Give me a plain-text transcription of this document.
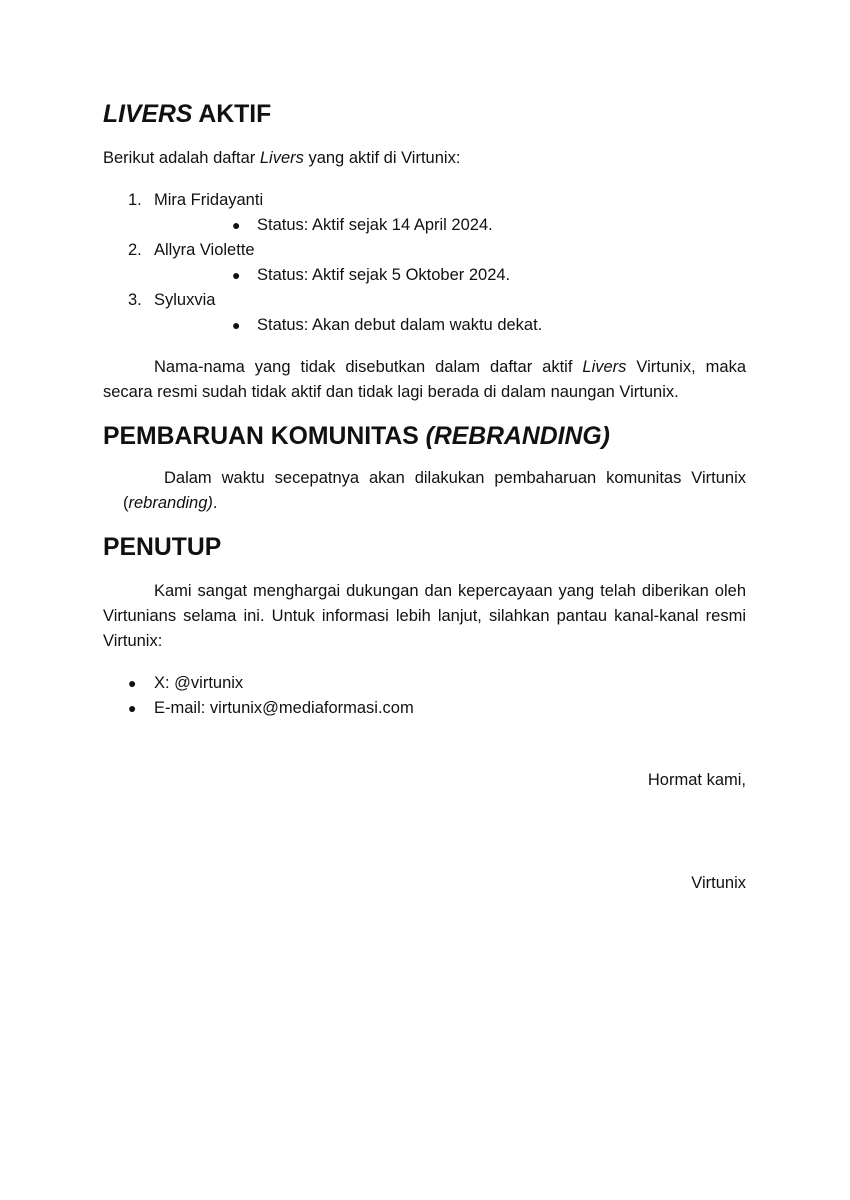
LIVERS AKTIF

Berikut adalah daftar Livers yang aktif di Virtunix:

1. Mira Fridayanti
● Status: Aktif sejak 14 April 2024.
2. Allyra Violette
● Status: Aktif sejak 5 Oktober 2024.
3. Syluxvia
● Status: Akan debut dalam waktu dekat.

Nama-nama yang tidak disebutkan dalam daftar aktif Livers Virtunix, maka secara resmi sudah tidak aktif dan tidak lagi berada di dalam naungan Virtunix.

PEMBARUAN KOMUNITAS (REBRANDING)

Dalam waktu secepatnya akan dilakukan pembaharuan komunitas Virtunix (rebranding).

PENUTUP

Kami sangat menghargai dukungan dan kepercayaan yang telah diberikan oleh Virtunians selama ini. Untuk informasi lebih lanjut, silahkan pantau kanal-kanal resmi Virtunix:

● X: @virtunix
● E-mail: virtunix@mediaformasi.com
Hormat kami,
Virtunix
